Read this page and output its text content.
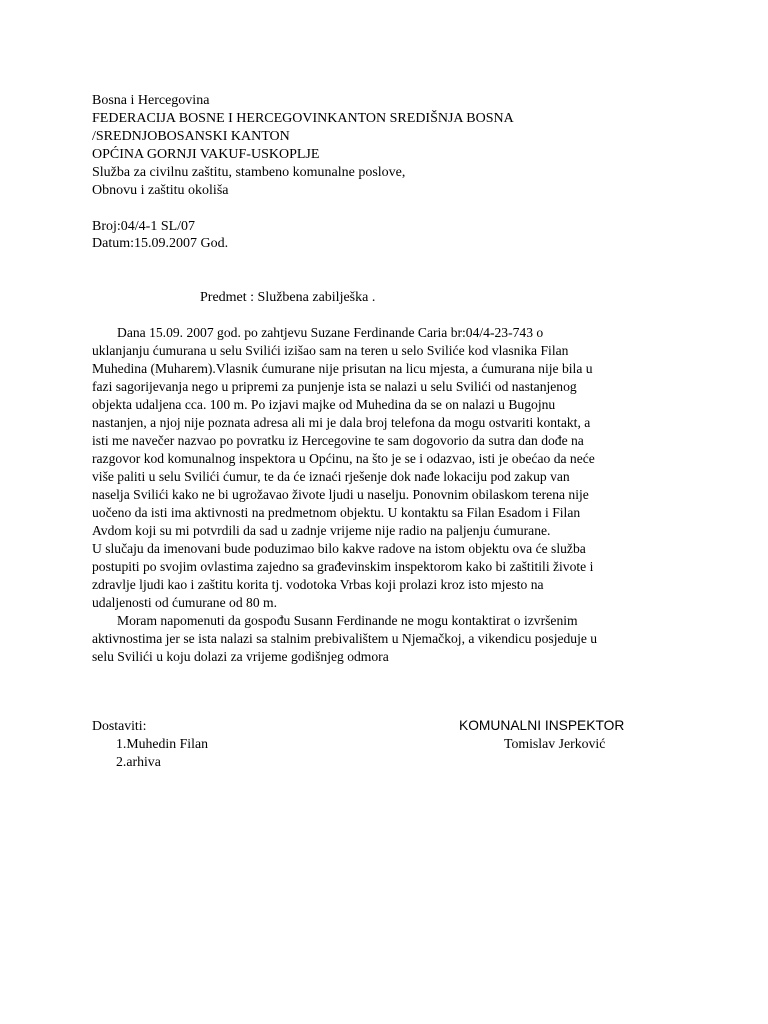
Bosna i Hercegovina
FEDERACIJA BOSNE I HERCEGOVINKANTON SREDIŠNJA BOSNA
/SREDNJOBOSANSKI KANTON
OPĆINA GORNJI VAKUF-USKOPLJE
Služba za civilnu zaštitu, stambeno komunalne poslove,
Obnovu i zaštitu okoliša
Broj:04/4-1 SL/07
Datum:15.09.2007 God.
Predmet : Službena zabilješka .
Dana 15.09. 2007 god. po zahtjevu Suzane Ferdinande Caria br:04/4-23-743 o
uklanjanju ćumurana u selu Svilići izišao sam na teren u selo Sviliće kod vlasnika Filan
Muhedina (Muharem).Vlasnik ćumurane nije prisutan na licu mjesta, a ćumurana nije bila u
fazi sagorijevanja nego u pripremi za punjenje ista se nalazi u selu Svilići od nastanjenog
objekta udaljena cca. 100 m. Po izjavi majke od Muhedina da se on nalazi u Bugojnu
nastanjen, a njoj nije poznata adresa ali mi je dala broj telefona da mogu ostvariti kontakt, a
isti me navečer nazvao po povratku iz Hercegovine te sam dogovorio da sutra dan dođe na
razgovor kod komunalnog inspektora u Općinu, na što je se i odazvao, isti je obećao da neće
više paliti u selu Svilići ćumur, te da će iznaći rješenje dok nađe lokaciju pod zakup van
naselja Svilići kako ne bi ugrožavao živote ljudi u naselju. Ponovnim obilaskom terena nije
uočeno da isti ima aktivnosti na predmetnom objektu. U kontaktu sa Filan Esadom i Filan
Avdom koji su mi potvrdili da sad u zadnje vrijeme nije radio na paljenju ćumurane.
U slučaju da imenovani bude poduzimao bilo kakve radove na istom objektu ova će služba
postupiti po svojim ovlastima zajedno sa građevinskim inspektorom kako bi zaštitili živote i
zdravlje ljudi kao i zaštitu korita tj. vodotoka Vrbas koji prolazi kroz isto mjesto na
udaljenosti od ćumurane od 80 m.
Moram napomenuti da gospođu Susann Ferdinande ne mogu kontaktirat o izvršenim
aktivnostima jer se ista nalazi sa stalnim prebivalištem u Njemačkoj, a vikendicu posjeduje u
selu Svilići u koju dolazi za vrijeme godišnjeg odmora
Dostaviti:
1.Muhedin Filan
2.arhiva
KOMUNALNI INSPEKTOR
Tomislav Jerković
